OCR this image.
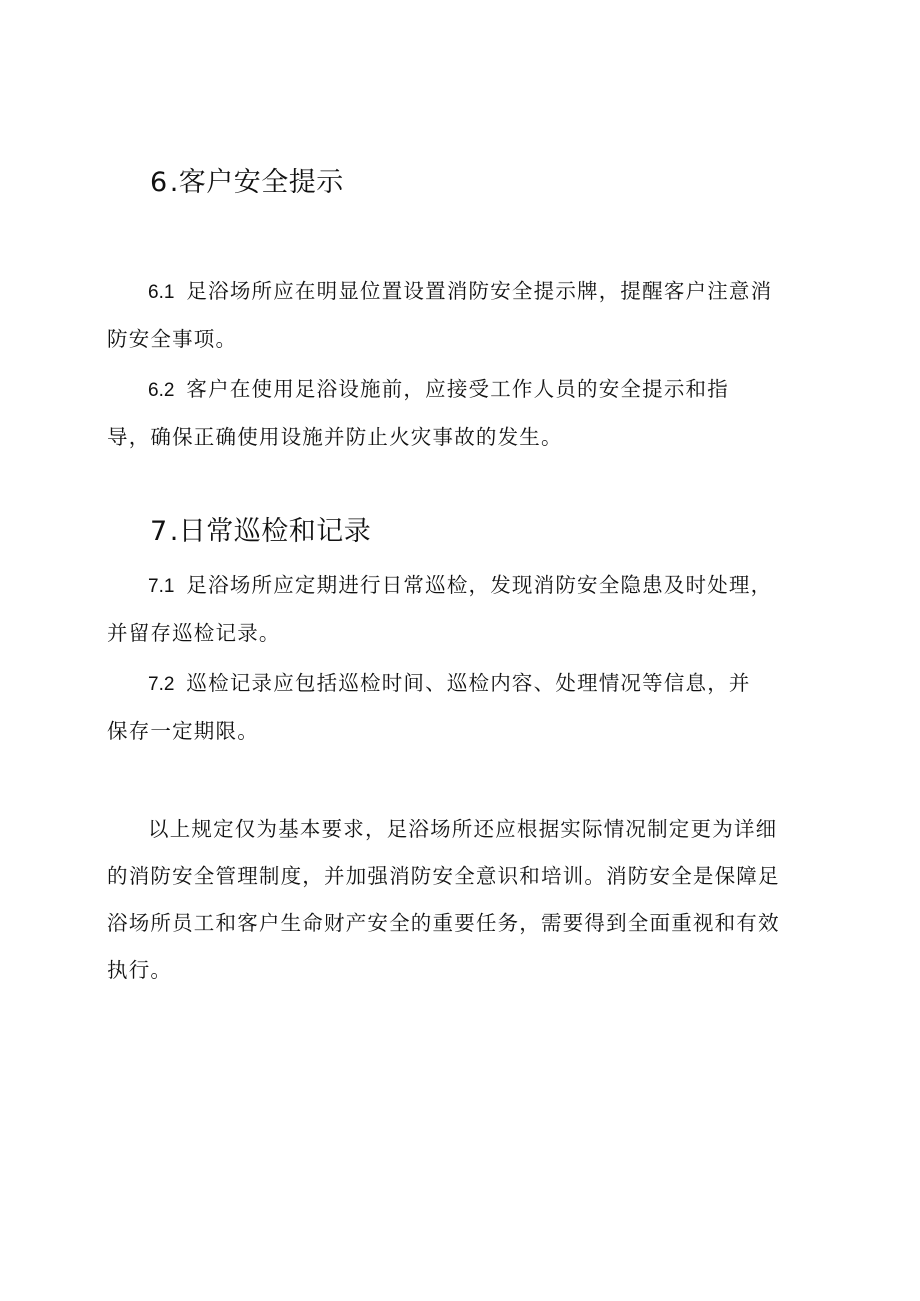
6.客户安全提示

6.1 足浴场所应在明显位置设置消防安全提示牌，提醒客户注意消
防安全事项。

6.2 客户在使用足浴设施前，应接受工作人员的安全提示和指
导，确保正确使用设施并防止火灾事故的发生。

7.日常巡检和记录

7.1 足浴场所应定期进行日常巡检，发现消防安全隐患及时处理，
并留存巡检记录。

7.2 巡检记录应包括巡检时间、巡检内容、处理情况等信息，并
保存一定期限。

以上规定仅为基本要求，足浴场所还应根据实际情况制定更为详细
的消防安全管理制度，并加强消防安全意识和培训。消防安全是保障足
浴场所员工和客户生命财产安全的重要任务，需要得到全面重视和有效
执行。
